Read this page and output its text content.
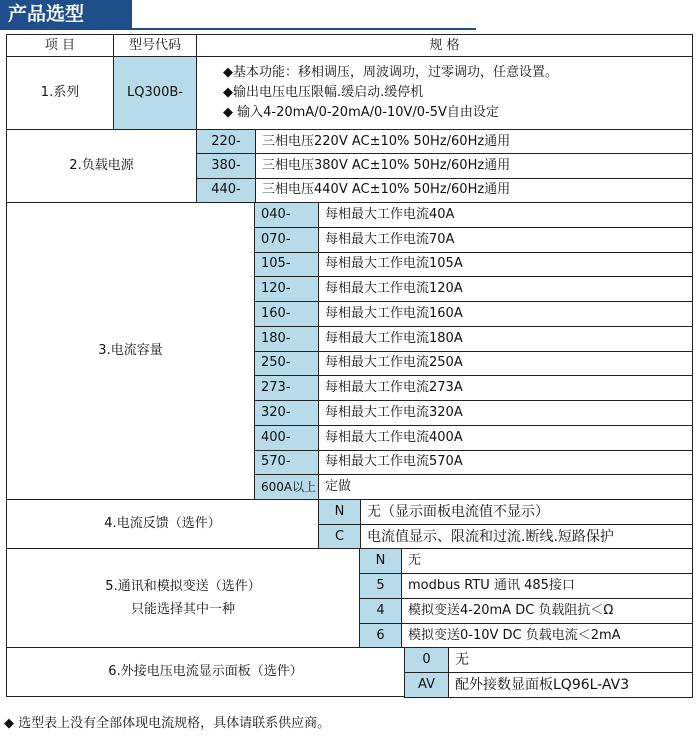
产品选型
项 目	型号代码	规 格
1.系列	LQ300B-
◆基本功能：移相调压，周波调功，过零调功，任意设置。
◆输出电压电压限幅.缓启动.缓停机
◆ 输入4-20mA/0-20mA/0-10V/0-5V自由设定
2.负载电源
220-	三相电压220V AC±10% 50Hz/60Hz通用
380-	三相电压380V AC±10% 50Hz/60Hz通用
440-	三相电压440V AC±10% 50Hz/60Hz通用
3.电流容量
040-	每相最大工作电流40A
070-	每相最大工作电流70A
105-	每相最大工作电流105A
120-	每相最大工作电流120A
160-	每相最大工作电流160A
180-	每相最大工作电流180A
250-	每相最大工作电流250A
273-	每相最大工作电流273A
320-	每相最大工作电流320A
400-	每相最大工作电流400A
570-	每相最大工作电流570A
600A以上 定做
4.电流反馈（选件）
N	无（显示面板电流值不显示）
C	电流值显示、限流和过流.断线.短路保护
5.通讯和模拟变送（选件）
只能选择其中一种
N	无
5	modbus RTU 通讯 485接口
4	模拟变送4-20mA DC 负载阻抗＜Ω
6	模拟变送0-10V DC 负载电流＜2mA
6.外接电压电流显示面板（选件）
0	无
AV	配外接数显面板LQ96L-AV3
◆ 选型表上没有全部体现电流规格，具体请联系供应商。
